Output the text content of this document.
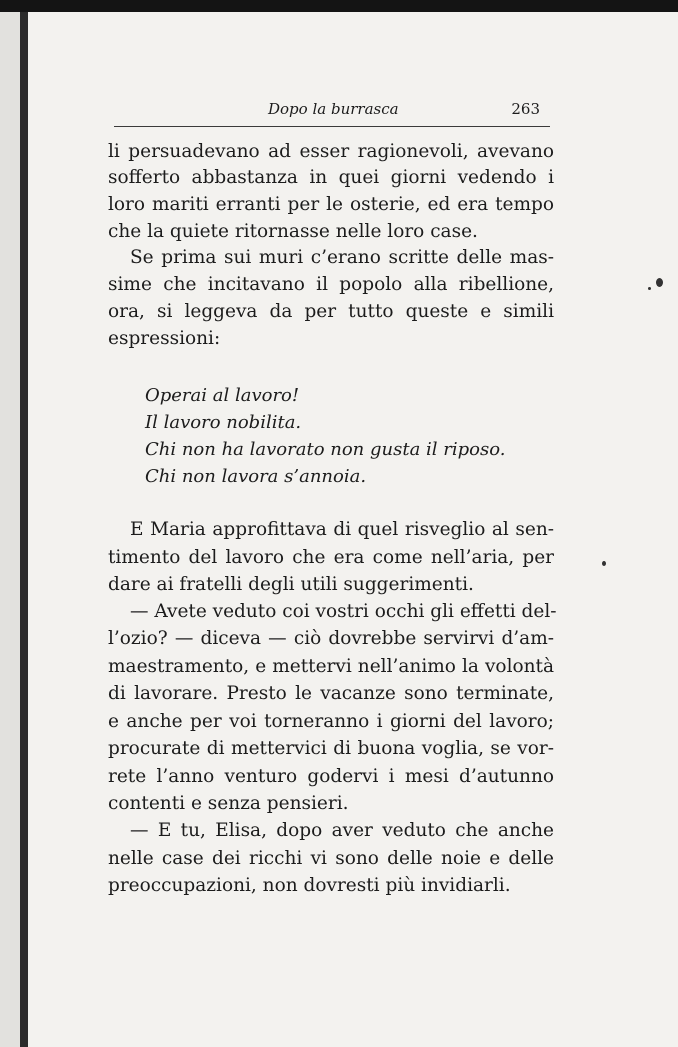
Dopo la burrasca	263
li persuadevano ad esser ragionevoli, avevano
sofferto abbastanza in quei giorni vedendo i
loro mariti erranti per le osterie, ed era tempo
che la quiete ritornasse nelle loro case.
Se prima sui muri c’erano scritte delle mas-
sime che incitavano il popolo alla ribellione,
ora, si leggeva da per tutto queste e simili
espressioni:
Operai al lavoro!
Il lavoro nobilita.
Chi non ha lavorato non gusta il riposo.
Chi non lavora s’annoia.
E Maria approfittava di quel risveglio al sen-
timento del lavoro che era come nell’aria, per
dare ai fratelli degli utili suggerimenti.
— Avete veduto coi vostri occhi gli effetti del-
l’ozio? — diceva — ciò dovrebbe servirvi d’am-
maestramento, e mettervi nell’animo la volontà
di lavorare. Presto le vacanze sono terminate,
e anche per voi torneranno i giorni del lavoro;
procurate di mettervici di buona voglia, se vor-
rete l’anno venturo godervi i mesi d’autunno
contenti e senza pensieri.
— E tu, Elisa, dopo aver veduto che anche
nelle case dei ricchi vi sono delle noie e delle
preoccupazioni, non dovresti più invidiarli.
